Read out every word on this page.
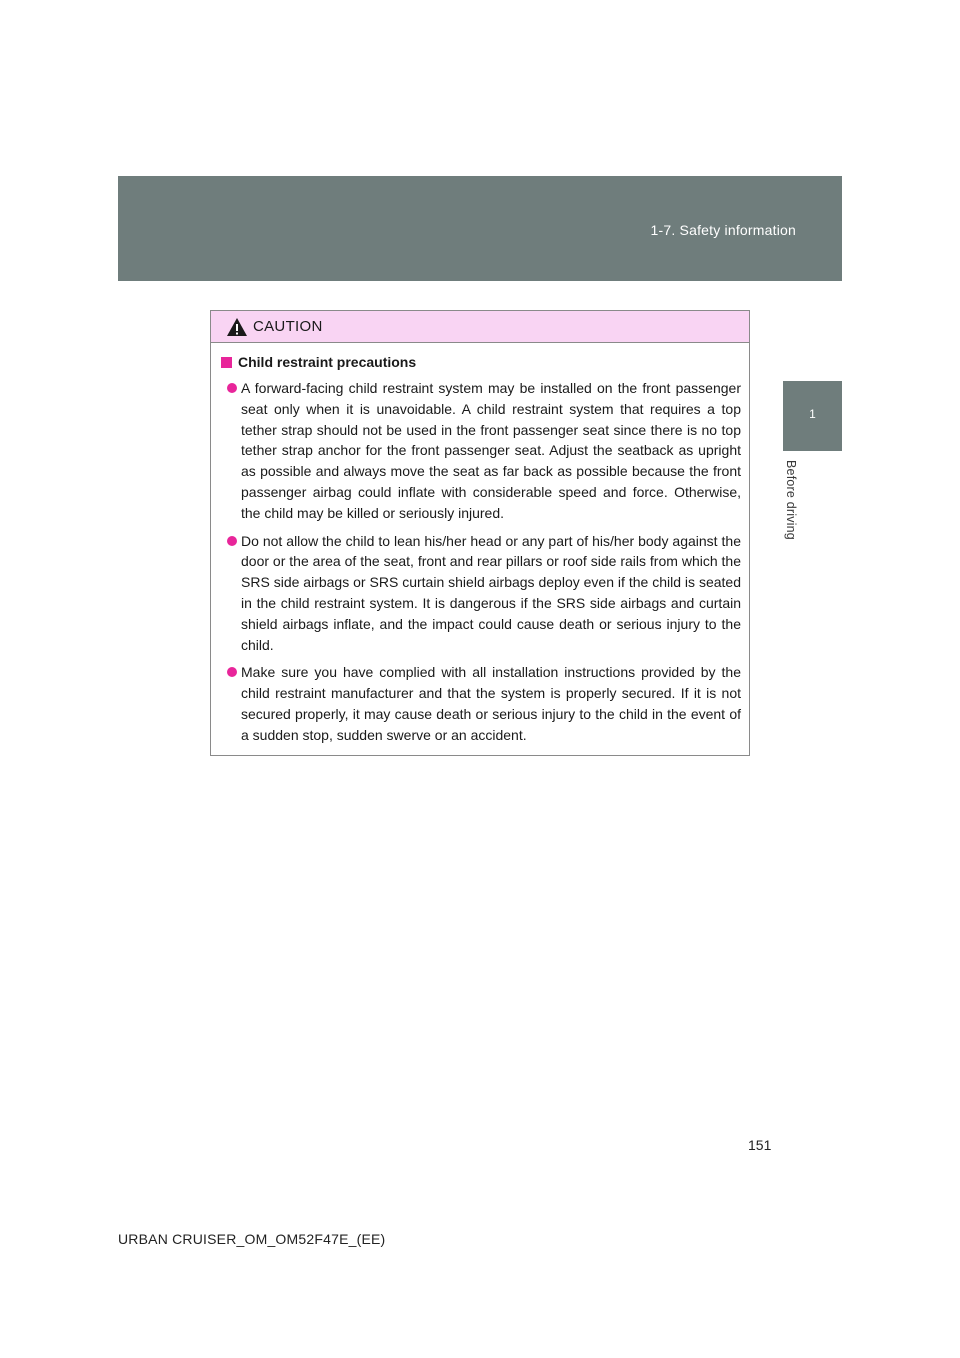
1-7. Safety information
1
Before driving
CAUTION
Child restraint precautions
A forward-facing child restraint system may be installed on the front passenger seat only when it is unavoidable. A child restraint system that requires a top tether strap should not be used in the front passenger seat since there is no top tether strap anchor for the front passenger seat. Adjust the seatback as upright as possible and always move the seat as far back as possible because the front passenger airbag could inflate with considerable speed and force. Otherwise, the child may be killed or seriously injured.
Do not allow the child to lean his/her head or any part of his/her body against the door or the area of the seat, front and rear pillars or roof side rails from which the SRS side airbags or SRS curtain shield airbags deploy even if the child is seated in the child restraint system. It is dangerous if the SRS side airbags and curtain shield airbags inflate, and the impact could cause death or serious injury to the child.
Make sure you have complied with all installation instructions provided by the child restraint manufacturer and that the system is properly secured. If it is not secured properly, it may cause death or serious injury to the child in the event of a sudden stop, sudden swerve or an accident.
151
URBAN CRUISER_OM_OM52F47E_(EE)
